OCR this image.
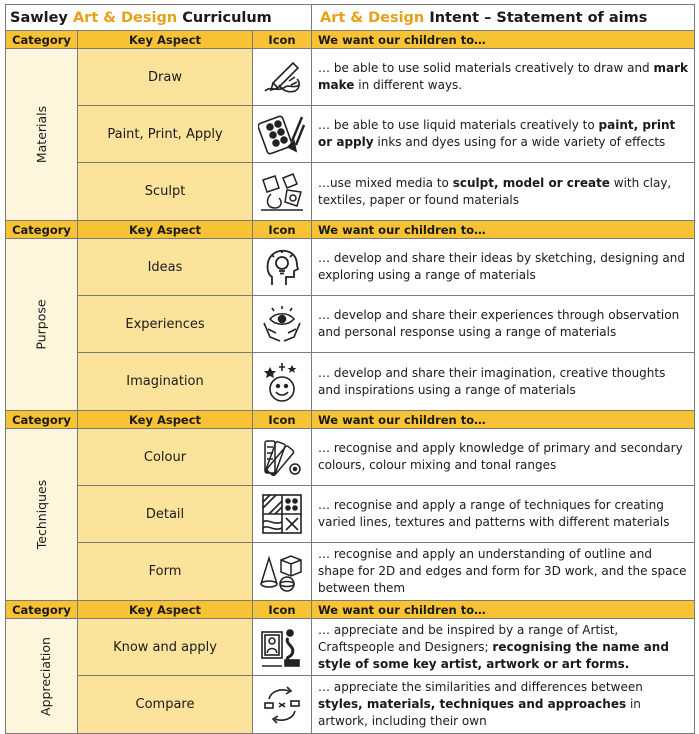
Sawley Art & Design Curriculum			Art & Design Intent – Statement of aims
Category	Key Aspect	Icon	We want our children to…
Materials	Draw		… be able to use solid materials creatively to draw and mark make in different ways.
	Paint, Print, Apply		… be able to use liquid materials creatively to paint, print or apply inks and dyes using for a wide variety of effects
	Sculpt		…use mixed media to sculpt, model or create with clay, textiles, paper or found materials
Category	Key Aspect	Icon	We want our children to…
Purpose	Ideas		… develop and share their ideas by sketching, designing and exploring using a range of materials
	Experiences		… develop and share their experiences through observation and personal response using a range of materials
	Imagination		… develop and share their imagination, creative thoughts and inspirations using a range of materials
Category	Key Aspect	Icon	We want our children to…
Techniques	Colour		… recognise and apply knowledge of primary and secondary colours, colour mixing and tonal ranges
	Detail		… recognise and apply a range of techniques for creating varied lines, textures and patterns with different materials
	Form		… recognise and apply an understanding of outline and shape for 2D and edges and form for 3D work, and the space between them
Category	Key Aspect	Icon	We want our children to…
Appreciation	Know and apply		… appreciate and be inspired by a range of Artist, Craftspeople and Designers; recognising the name and style of some key artist, artwork or art forms.
	Compare		… appreciate the similarities and differences between styles, materials, techniques and approaches in artwork, including their own
